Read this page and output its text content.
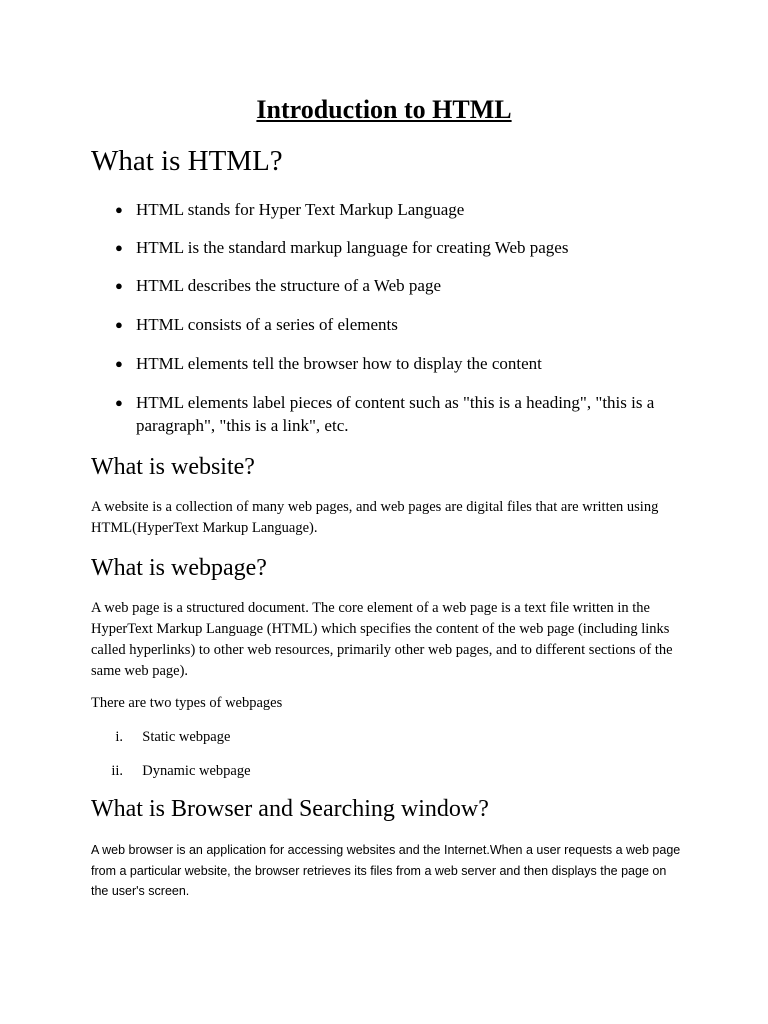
Introduction to HTML
What is HTML?
● HTML stands for Hyper Text Markup Language
● HTML is the standard markup language for creating Web pages
● HTML describes the structure of a Web page
● HTML consists of a series of elements
● HTML elements tell the browser how to display the content
● HTML elements label pieces of content such as "this is a heading", "this is a paragraph", "this is a link", etc.
What is website?

A website is a collection of many web pages, and web pages are digital files that are written using HTML(HyperText Markup Language).

What is webpage?

A web page is a structured document. The core element of a web page is a text file written in the HyperText Markup Language (HTML) which specifies the content of the web page (including links called hyperlinks) to other web resources, primarily other web pages, and to different sections of the same web page).

There are two types of webpages

i. Static webpage
ii. Dynamic webpage
What is Browser and Searching window?

A web browser is an application for accessing websites and the Internet.When a user requests a web page from a particular website, the browser retrieves its files from a web server and then displays the page on the user's screen.
